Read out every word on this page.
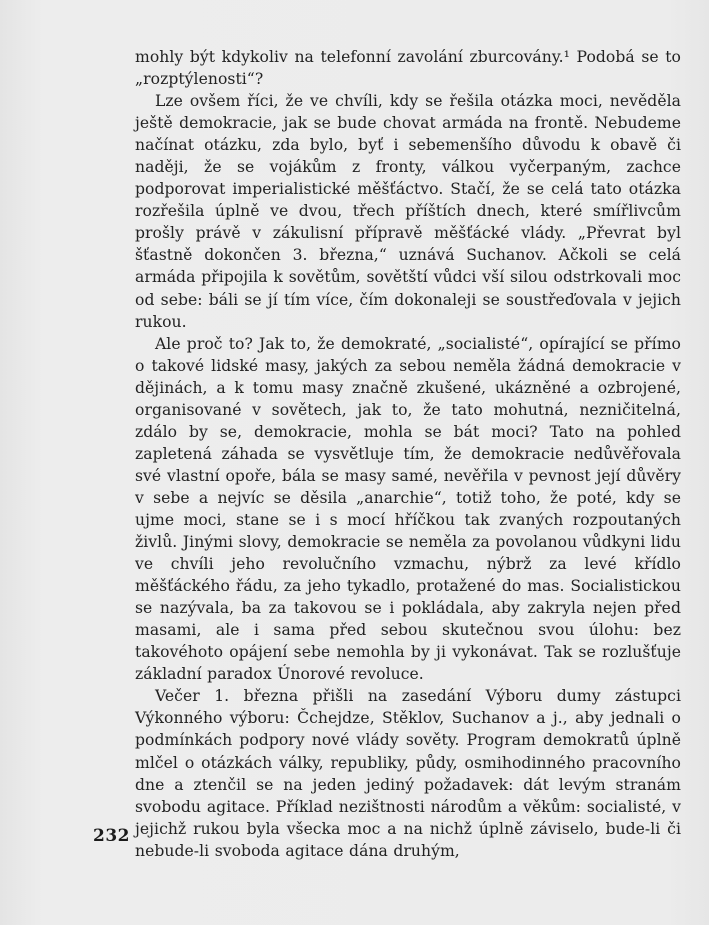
mohly být kdykoliv na telefonní zavolání zburcovány.¹ Podobá se to „rozptýlenosti“?

Lze ovšem říci, že ve chvíli, kdy se řešila otázka moci, nevěděla ještě demokracie, jak se bude chovat armáda na frontě. Nebudeme načínat otázku, zda bylo, byť i sebemenšího důvodu k obavě či naději, že se vojákům z fronty, válkou vyčerpaným, zachce podporovat imperialistické měšťáctvo. Stačí, že se celá tato otázka rozřešila úplně ve dvou, třech příštích dnech, které smířlivcům prošly právě v zákulisní přípravě měšťácké vlády. „Převrat byl šťastně dokončen 3. března,“ uznává Suchanov. Ačkoli se celá armáda připojila k sovětům, sovětští vůdci vší silou odstrkovali moc od sebe: báli se jí tím více, čím dokonaleji se soustřeďovala v jejich rukou.

Ale proč to? Jak to, že demokraté, „socialisté“, opírající se přímo o takové lidské masy, jakých za sebou neměla žádná demokracie v dějinách, a k tomu masy značně zkušené, ukázněné a ozbrojené, organisované v sovětech, jak to, že tato mohutná, nezničitelná, zdálo by se, demokracie, mohla se bát moci? Tato na pohled zapletená záhada se vysvětluje tím, že demokracie nedůvěřovala své vlastní opoře, bála se masy samé, nevěřila v pevnost její důvěry v sebe a nejvíc se děsila „anarchie“, totiž toho, že poté, kdy se ujme moci, stane se i s mocí hříčkou tak zvaných rozpoutaných živlů. Jinými slovy, demokracie se neměla za povolanou vůdkyni lidu ve chvíli jeho revolučního vzmachu, nýbrž za levé křídlo měšťáckého řádu, za jeho tykadlo, protažené do mas. Socialistickou se nazývala, ba za takovou se i pokládala, aby zakryla nejen před masami, ale i sama před sebou skutečnou svou úlohu: bez takovéhoto opájení sebe nemohla by ji vykonávat. Tak se rozlušťuje základní paradox Únorové revoluce.

Večer 1. března přišli na zasedání Výboru dumy zástupci Výkonného výboru: Čchejdze, Stěklov, Suchanov a j., aby jednali o podmínkách podpory nové vlády sověty. Program demokratů úplně mlčel o otázkách války, republiky, půdy, osmihodinného pracovního dne a ztenčil se na jeden jediný požadavek: dát levým stranám svobodu agitace. Příklad nezištnosti národům a věkům: socialisté, v jejichž rukou byla všecka moc a na nichž úplně záviselo, bude-li či nebude-li svoboda agitace dána druhým,

232
